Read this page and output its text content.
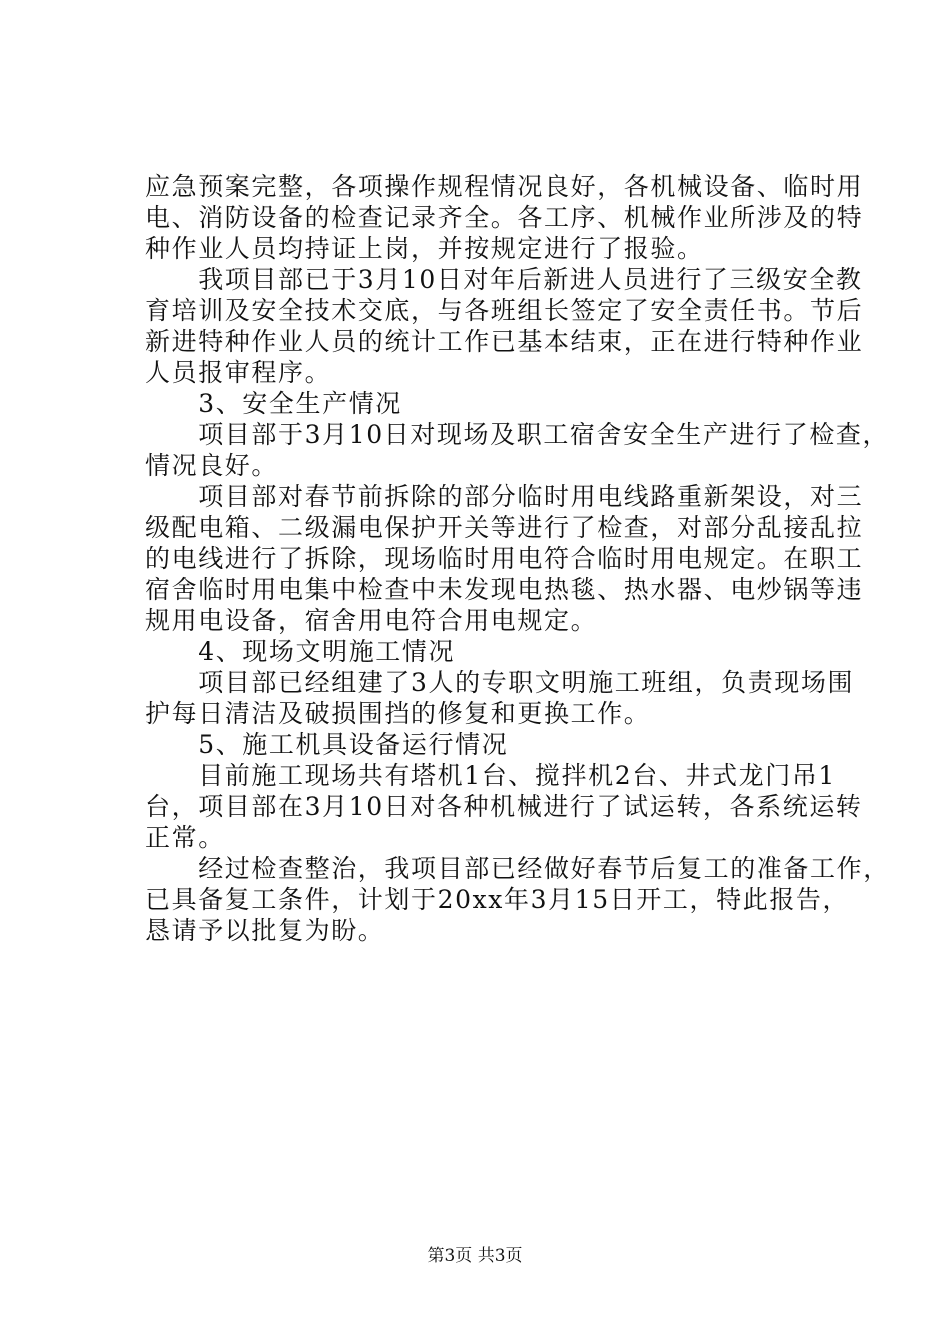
应急预案完整，各项操作规程情况良好，各机械设备、临时用
电、消防设备的检查记录齐全。各工序、机械作业所涉及的特
种作业人员均持证上岗，并按规定进行了报验。
　　我项目部已于3月10日对年后新进人员进行了三级安全教
育培训及安全技术交底，与各班组长签定了安全责任书。节后
新进特种作业人员的统计工作已基本结束，正在进行特种作业
人员报审程序。
　　3、安全生产情况
　　项目部于3月10日对现场及职工宿舍安全生产进行了检查，
情况良好。
　　项目部对春节前拆除的部分临时用电线路重新架设，对三
级配电箱、二级漏电保护开关等进行了检查，对部分乱接乱拉
的电线进行了拆除，现场临时用电符合临时用电规定。在职工
宿舍临时用电集中检查中未发现电热毯、热水器、电炒锅等违
规用电设备，宿舍用电符合用电规定。
　　4、现场文明施工情况
　　项目部已经组建了3人的专职文明施工班组，负责现场围
护每日清洁及破损围挡的修复和更换工作。
　　5、施工机具设备运行情况
　　目前施工现场共有塔机1台、搅拌机2台、井式龙门吊1
台，项目部在3月10日对各种机械进行了试运转，各系统运转
正常。
　　经过检查整治，我项目部已经做好春节后复工的准备工作，
已具备复工条件，计划于20xx年3月15日开工，特此报告，
恳请予以批复为盼。
第3页 共3页
